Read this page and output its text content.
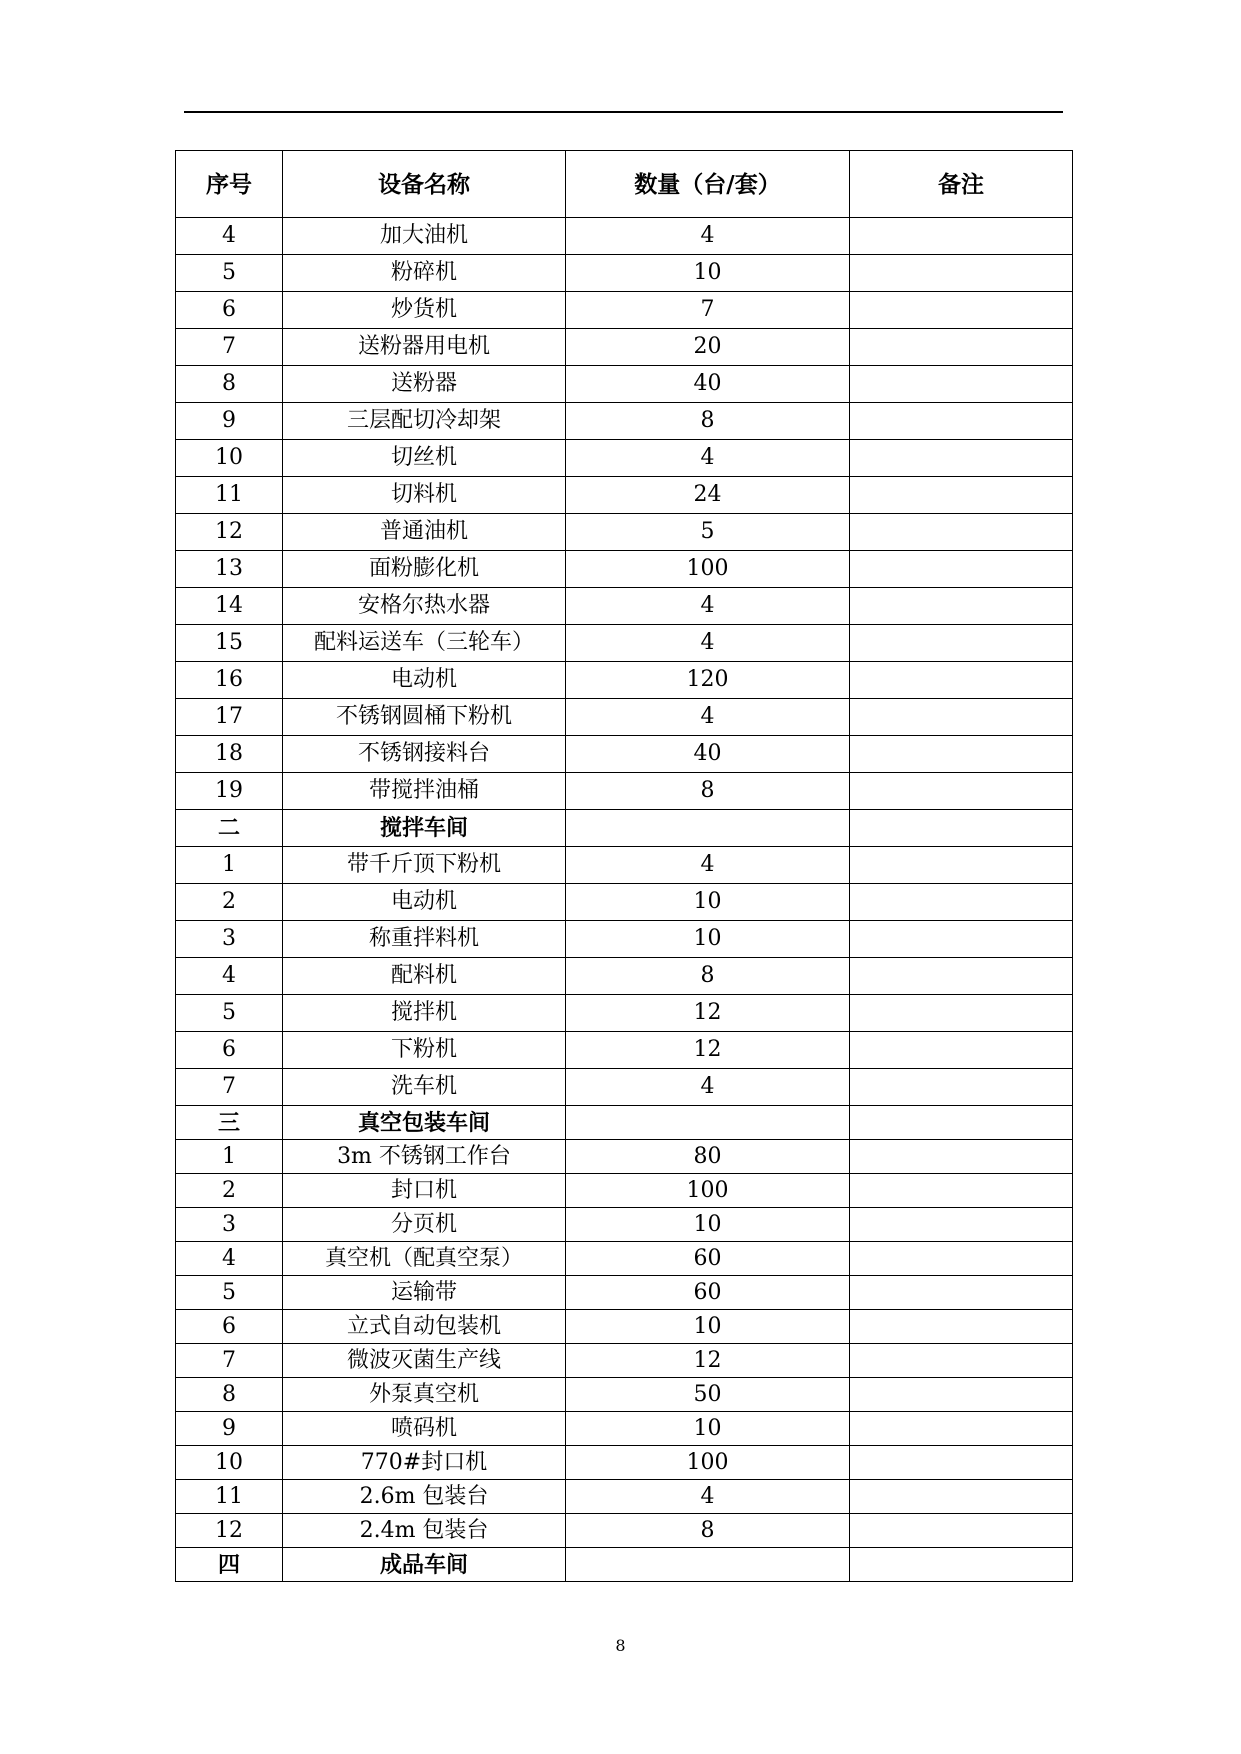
序号	设备名称	数量（台/套）	备注
4	加大油机	4	
5	粉碎机	10	
6	炒货机	7	
7	送粉器用电机	20	
8	送粉器	40	
9	三层配切冷却架	8	
10	切丝机	4	
11	切料机	24	
12	普通油机	5	
13	面粉膨化机	100	
14	安格尔热水器	4	
15	配料运送车（三轮车）	4	
16	电动机	120	
17	不锈钢圆桶下粉机	4	
18	不锈钢接料台	40	
19	带搅拌油桶	8	
二	搅拌车间		
1	带千斤顶下粉机	4	
2	电动机	10	
3	称重拌料机	10	
4	配料机	8	
5	搅拌机	12	
6	下粉机	12	
7	洗车机	4	
三	真空包装车间		
1	3m 不锈钢工作台	80	
2	封口机	100	
3	分页机	10	
4	真空机（配真空泵）	60	
5	运输带	60	
6	立式自动包装机	10	
7	微波灭菌生产线	12	
8	外泵真空机	50	
9	喷码机	10	
10	770#封口机	100	
11	2.6m 包装台	4	
12	2.4m 包装台	8	
四	成品车间		
8
